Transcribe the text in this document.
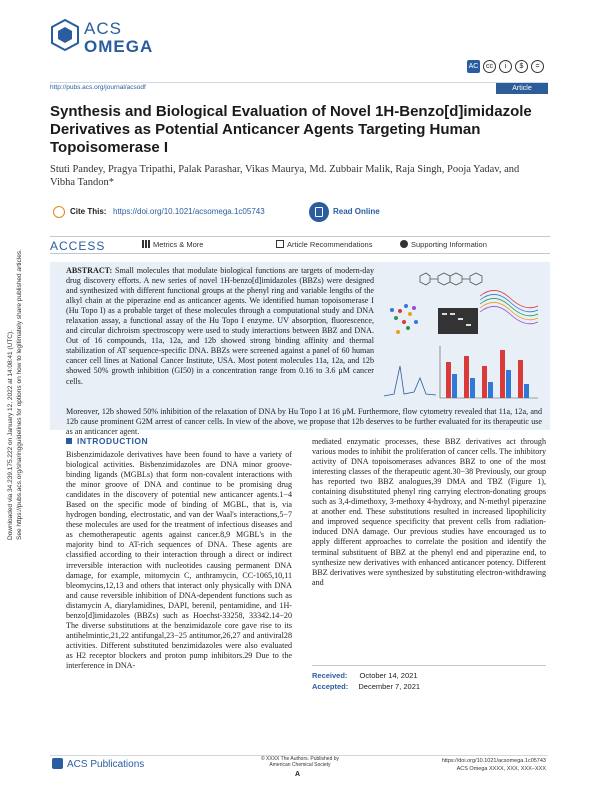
ACS
OMEGA
AC	cc	i	$	=
http://pubs.acs.org/journal/acsodf	Article
Synthesis and Biological Evaluation of Novel 1H-Benzo[d]imidazole Derivatives as Potential Anticancer Agents Targeting Human Topoisomerase I
Stuti Pandey, Pragya Tripathi, Palak Parashar, Vikas Maurya, Md. Zubbair Malik, Raja Singh, Pooja Yadav, and Vibha Tandon*
Cite This: https://doi.org/10.1021/acsomega.1c05743	Read Online
ACCESS	Metrics & More	Article Recommendations	Supporting Information
ABSTRACT: Small molecules that modulate biological functions are targets of modern-day drug discovery efforts. A new series of novel 1H-benzo[d]imidazoles (BBZs) were designed and synthesized with different functional groups at the phenyl ring and variable lengths of the alkyl chain at the piperazine end as anticancer agents. We identified human topoisomerase I (Hu Topo I) as a probable target of these molecules through a computational study and DNA relaxation assay, a functional assay of the Hu Topo I enzyme. UV absorption, fluorescence, and circular dichroism spectroscopy were used to study interactions between BBZ and DNA. Out of 16 compounds, 11a, 12a, and 12b showed strong binding affinity and thermal stabilization of AT sequence-specific DNA. BBZs were screened against a panel of 60 human cancer cell lines at National Cancer Institute, USA. Most potent molecules 11a, 12a, and 12b showed 50% growth inhibition (GI50) in a concentration range from 0.16 to 3.6 μM cancer cells.
Moreover, 12b showed 50% inhibition of the relaxation of DNA by Hu Topo I at 16 μM. Furthermore, flow cytometry revealed that 11a, 12a, and 12b cause prominent G2M arrest of cancer cells. In view of the above, we propose that 12b deserves to be further evaluated for its therapeutic use as an anticancer agent.
INTRODUCTION
Bisbenzimidazole derivatives have been found to have a variety of biological activities. Bisbenzimidazoles are DNA minor groove-binding ligands (MGBLs) that form non-covalent interactions with the minor groove of DNA and continue to be promising drug candidates in the discovery of potential new anticancer agents.1−4 Based on the specific mode of binding of MGBL, that is, via hydrogen bonding, electrostatic, and van der Waal's interactions,5−7 these molecules are used for the treatment of infectious diseases and as chemotherapeutic agents against cancer.8,9 MGBL's in the majority bind to AT-rich sequences of DNA. These agents are classified according to their interaction through a direct or indirect irreversible interaction with nucleotides causing permanent DNA damage, for example, mitomycin C, anthramycin, CC-1065,10,11 bleomycins,12,13 and others that interact only physically with DNA and cause reversible inhibition of DNA-dependent functions such as distamycin A, diarylamidines, DAPI, berenil, pentamidine, and 1H-benzo[d]imidazoles (BBZs) such as Hoechst-33258, 33342.14−20 The diverse substitutions at the benzimidazole core gave rise to its antihelmintic,21,22 antifungal,23−25 antitumor,26,27 and antiviral28 activities. Different substituted benzimidazoles were also evaluated as H2 receptor blockers and proton pump inhibitors.29 Due to the interference in DNA-
mediated enzymatic processes, these BBZ derivatives act through various modes to inhibit the proliferation of cancer cells. The inhibitory activity of DNA topoisomerases advances BBZ to one of the most interesting classes of the therapeutic agent.30−38 Previously, our group has reported two BBZ analogues,39 DMA and TBZ (Figure 1), containing disubstituted phenyl ring carrying electron-donating groups such as 3,4-dimethoxy, 3-methoxy 4-hydroxy, and N-methyl piperazine at another end. These substitutions resulted in increased lipophilicity and improved sequence specificity that prevent cells from radiation-induced DNA damage. Our previous studies have encouraged us to apply different approaches to correlate the position and identify the terminal substituent of BBZ at the phenyl end and piperazine end, to synthesize new derivatives with enhanced anticancer potency. Different BBZ derivatives were synthesized by substituting electron-withdrawing and
Received: October 14, 2021
Accepted: December 7, 2021
ACS Publications	© XXXX The Authors. Published by
American Chemical Society
A
https://doi.org/10.1021/acsomega.1c05743
ACS Omega XXXX, XXX, XXX−XXX
Downloaded via 34.239.175.222 on January 12, 2022 at 14:08:41 (UTC). See https://pubs.acs.org/sharingguidelines for options on how to legitimately share published articles.
